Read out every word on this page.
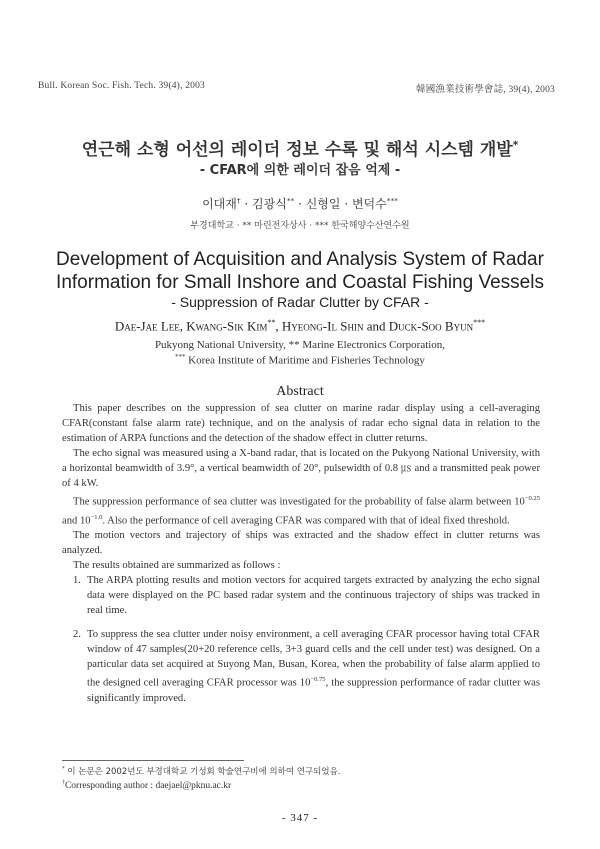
Bull. Korean Soc. Fish. Tech. 39(4), 2003	韓國漁業技術學會誌, 39(4), 2003
연근해 소형 어선의 레이더 정보 수록 및 해석 시스템 개발*
- CFAR에 의한 레이더 잡음 억제 -
이대재† · 김광식** · 신형일 · 변덕수***
부경대학교 · ** 마린전자상사 · *** 한국해양수산연수원
Development of Acquisition and Analysis System of Radar
Information for Small Inshore and Coastal Fishing Vessels
- Suppression of Radar Clutter by CFAR -
Dae-Jae Lee, Kwang-Sik Kim**, Hyeong-Il Shin and Duck-Soo Byun***
Pukyong National University, ** Marine Electronics Corporation,
*** Korea Institute of Maritime and Fisheries Technology
Abstract

This paper describes on the suppression of sea clutter on marine radar display using a cell-averaging CFAR(constant false alarm rate) technique, and on the analysis of radar echo signal data in relation to the estimation of ARPA functions and the detection of the shadow effect in clutter returns.

The echo signal was measured using a X-band radar, that is located on the Pukyong National University, with a horizontal beamwidth of 3.9°, a vertical beamwidth of 20°, pulsewidth of 0.8 ㎲ and a transmitted peak power of 4 kW.

The suppression performance of sea clutter was investigated for the probability of false alarm between $10^{-0.25}$ and $10^{-1.0}$. Also the performance of cell averaging CFAR was compared with that of ideal fixed threshold.

The motion vectors and trajectory of ships was extracted and the shadow effect in clutter returns was analyzed.

The results obtained are summarized as follows :

1. The ARPA plotting results and motion vectors for acquired targets extracted by analyzing the echo signal data were displayed on the PC based radar system and the continuous trajectory of ships was tracked in real time.
2. To suppress the sea clutter under noisy environment, a cell averaging CFAR processor having total CFAR window of 47 samples(20+20 reference cells, 3+3 guard cells and the cell under test) was designed. On a particular data set acquired at Suyong Man, Busan, Korea, when the probability of false alarm applied to the designed cell averaging CFAR processor was $10^{-0.75}$, the suppression performance of radar clutter was significantly improved.
* 이 논문은 2002년도 부경대학교 기성회 학술연구비에 의하여 연구되었음.
†Corresponding author : daejael@pknu.ac.kr
- 347 -
